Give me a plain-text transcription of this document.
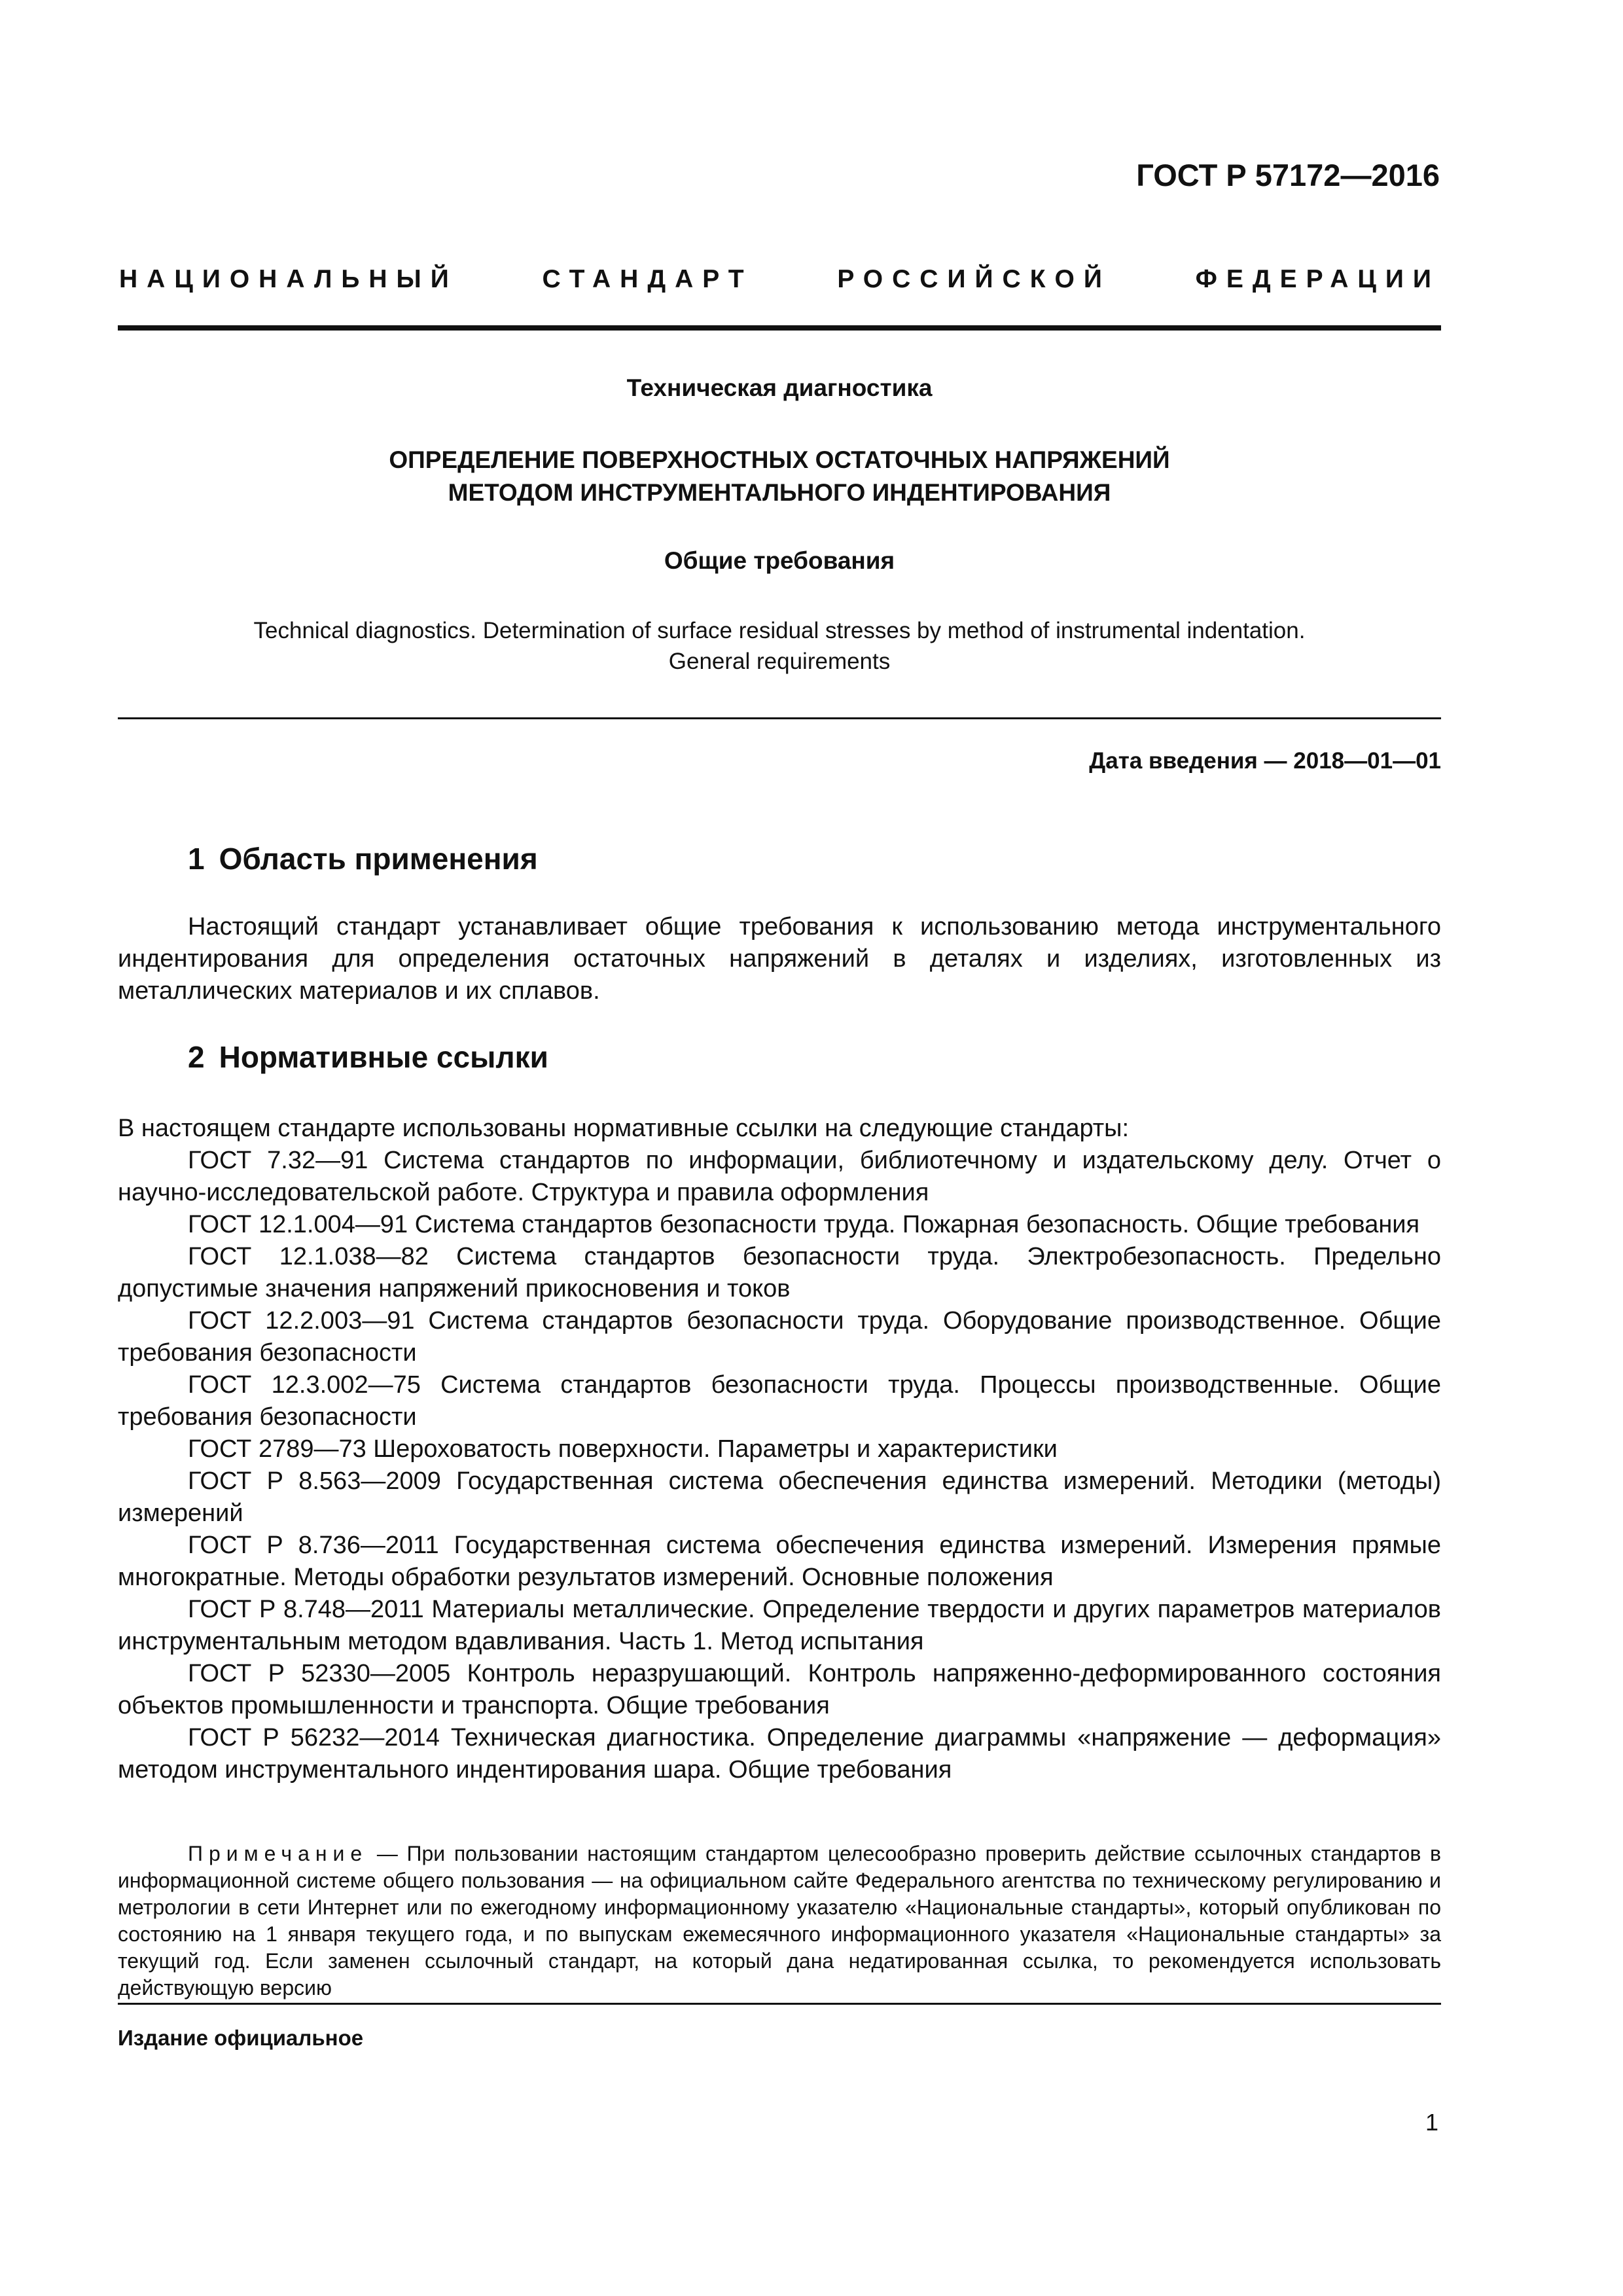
ГОСТ Р 57172—2016
НАЦИОНАЛЬНЫЙ	СТАНДАРТ	РОССИЙСКОЙ	ФЕДЕРАЦИИ
Техническая диагностика
ОПРЕДЕЛЕНИЕ ПОВЕРХНОСТНЫХ ОСТАТОЧНЫХ НАПРЯЖЕНИЙ
МЕТОДОМ ИНСТРУМЕНТАЛЬНОГО ИНДЕНТИРОВАНИЯ
Общие требования
Technical diagnostics. Determination of surface residual stresses by method of instrumental indentation.
General requirements
Дата введения — 2018—01—01
1 Область применения

Настоящий стандарт устанавливает общие требования к использованию метода инструментального индентирования для определения остаточных напряжений в деталях и изделиях, изготовленных из металлических материалов и их сплавов.

2 Нормативные ссылки

В настоящем стандарте использованы нормативные ссылки на следующие стандарты:

ГОСТ 7.32—91 Система стандартов по информации, библиотечному и издательскому делу. Отчет о научно-исследовательской работе. Структура и правила оформления

ГОСТ 12.1.004—91 Система стандартов безопасности труда. Пожарная безопасность. Общие требования

ГОСТ 12.1.038—82 Система стандартов безопасности труда. Электробезопасность. Предельно допустимые значения напряжений прикосновения и токов

ГОСТ 12.2.003—91 Система стандартов безопасности труда. Оборудование производственное. Общие требования безопасности

ГОСТ 12.3.002—75 Система стандартов безопасности труда. Процессы производственные. Общие требования безопасности

ГОСТ 2789—73 Шероховатость поверхности. Параметры и характеристики

ГОСТ Р 8.563—2009 Государственная система обеспечения единства измерений. Методики (методы) измерений

ГОСТ Р 8.736—2011 Государственная система обеспечения единства измерений. Измерения прямые многократные. Методы обработки результатов измерений. Основные положения

ГОСТ Р 8.748—2011 Материалы металлические. Определение твердости и других параметров материалов инструментальным методом вдавливания. Часть 1. Метод испытания

ГОСТ Р 52330—2005 Контроль неразрушающий. Контроль напряженно-деформированного состояния объектов промышленности и транспорта. Общие требования

ГОСТ Р 56232—2014 Техническая диагностика. Определение диаграммы «напряжение — деформация» методом инструментального индентирования шара. Общие требования

Примечание — При пользовании настоящим стандартом целесообразно проверить действие ссылочных стандартов в информационной системе общего пользования — на официальном сайте Федерального агентства по техническому регулированию и метрологии в сети Интернет или по ежегодному информационному указателю «Национальные стандарты», который опубликован по состоянию на 1 января текущего года, и по выпускам ежемесячного информационного указателя «Национальные стандарты» за текущий год. Если заменен ссылочный стандарт, на который дана недатированная ссылка, то рекомендуется использовать действующую версию
Издание официальное
1
